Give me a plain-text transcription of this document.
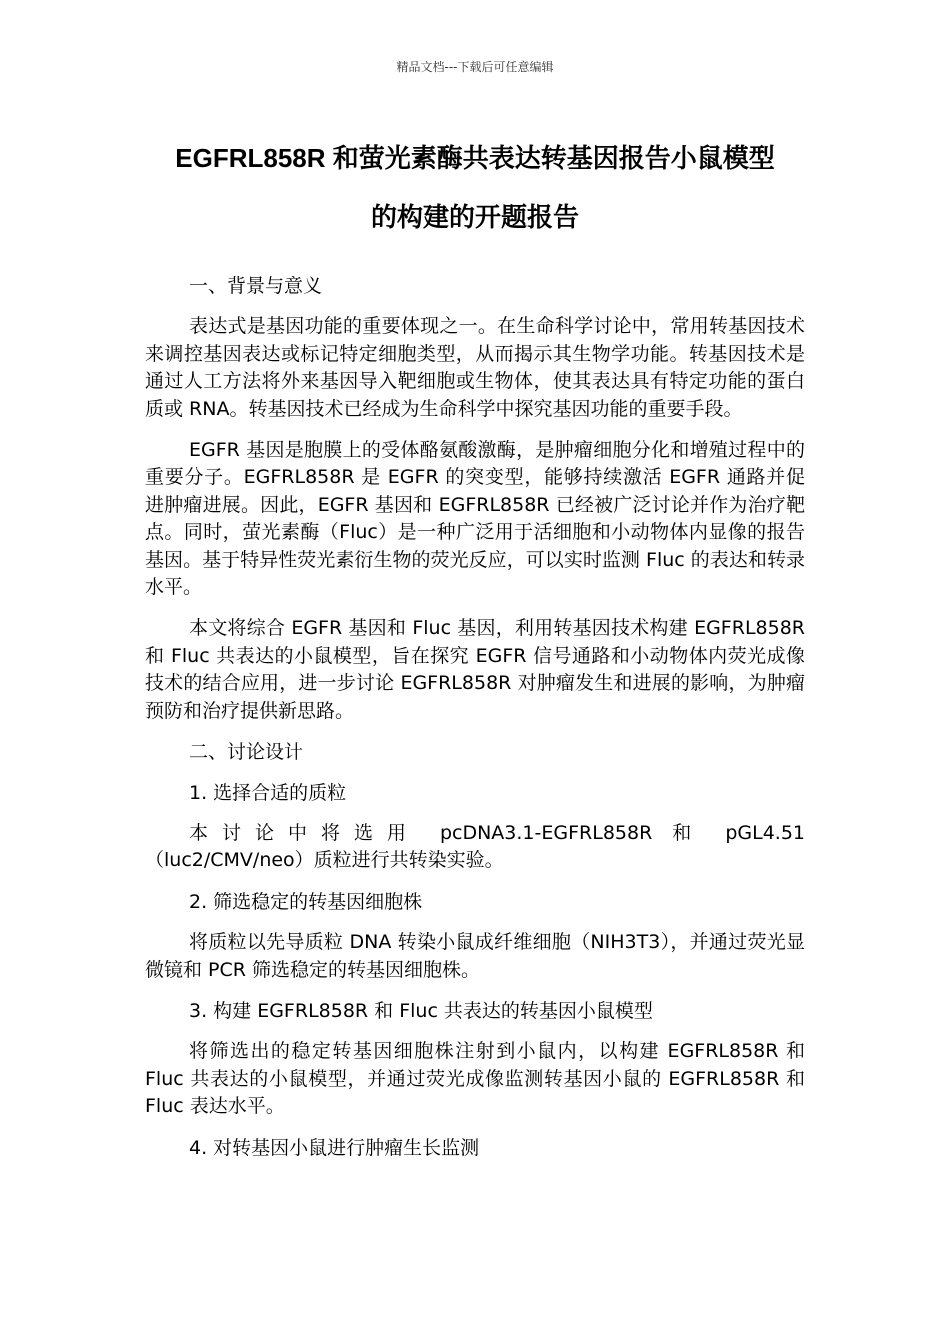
精品文档---下载后可任意编辑
EGFRL858R 和萤光素酶共表达转基因报告小鼠模型
的构建的开题报告

一、背景与意义

表达式是基因功能的重要体现之一。在生命科学讨论中，常用转基因技术来调控基因表达或标记特定细胞类型，从而揭示其生物学功能。转基因技术是通过人工方法将外来基因导入靶细胞或生物体，使其表达具有特定功能的蛋白质或 RNA。转基因技术已经成为生命科学中探究基因功能的重要手段。

EGFR 基因是胞膜上的受体酪氨酸激酶，是肿瘤细胞分化和增殖过程中的重要分子。EGFRL858R 是 EGFR 的突变型，能够持续激活 EGFR 通路并促进肿瘤进展。因此，EGFR 基因和 EGFRL858R 已经被广泛讨论并作为治疗靶点。同时，萤光素酶（Fluc）是一种广泛用于活细胞和小动物体内显像的报告基因。基于特异性荧光素衍生物的荧光反应，可以实时监测 Fluc 的表达和转录水平。

本文将综合 EGFR 基因和 Fluc 基因，利用转基因技术构建 EGFRL858R 和 Fluc 共表达的小鼠模型，旨在探究 EGFR 信号通路和小动物体内荧光成像技术的结合应用，进一步讨论 EGFRL858R 对肿瘤发生和进展的影响，为肿瘤预防和治疗提供新思路。

二、讨论设计

1. 选择合适的质粒

本讨论中将选用 pcDNA3.1-EGFRL858R 和 pGL4.51（luc2/CMV/neo）质粒进行共转染实验。

2. 筛选稳定的转基因细胞株

将质粒以先导质粒 DNA 转染小鼠成纤维细胞（NIH3T3），并通过荧光显微镜和 PCR 筛选稳定的转基因细胞株。

3. 构建 EGFRL858R 和 Fluc 共表达的转基因小鼠模型

将筛选出的稳定转基因细胞株注射到小鼠内，以构建 EGFRL858R 和 Fluc 共表达的小鼠模型，并通过荧光成像监测转基因小鼠的 EGFRL858R 和 Fluc 表达水平。

4. 对转基因小鼠进行肿瘤生长监测
